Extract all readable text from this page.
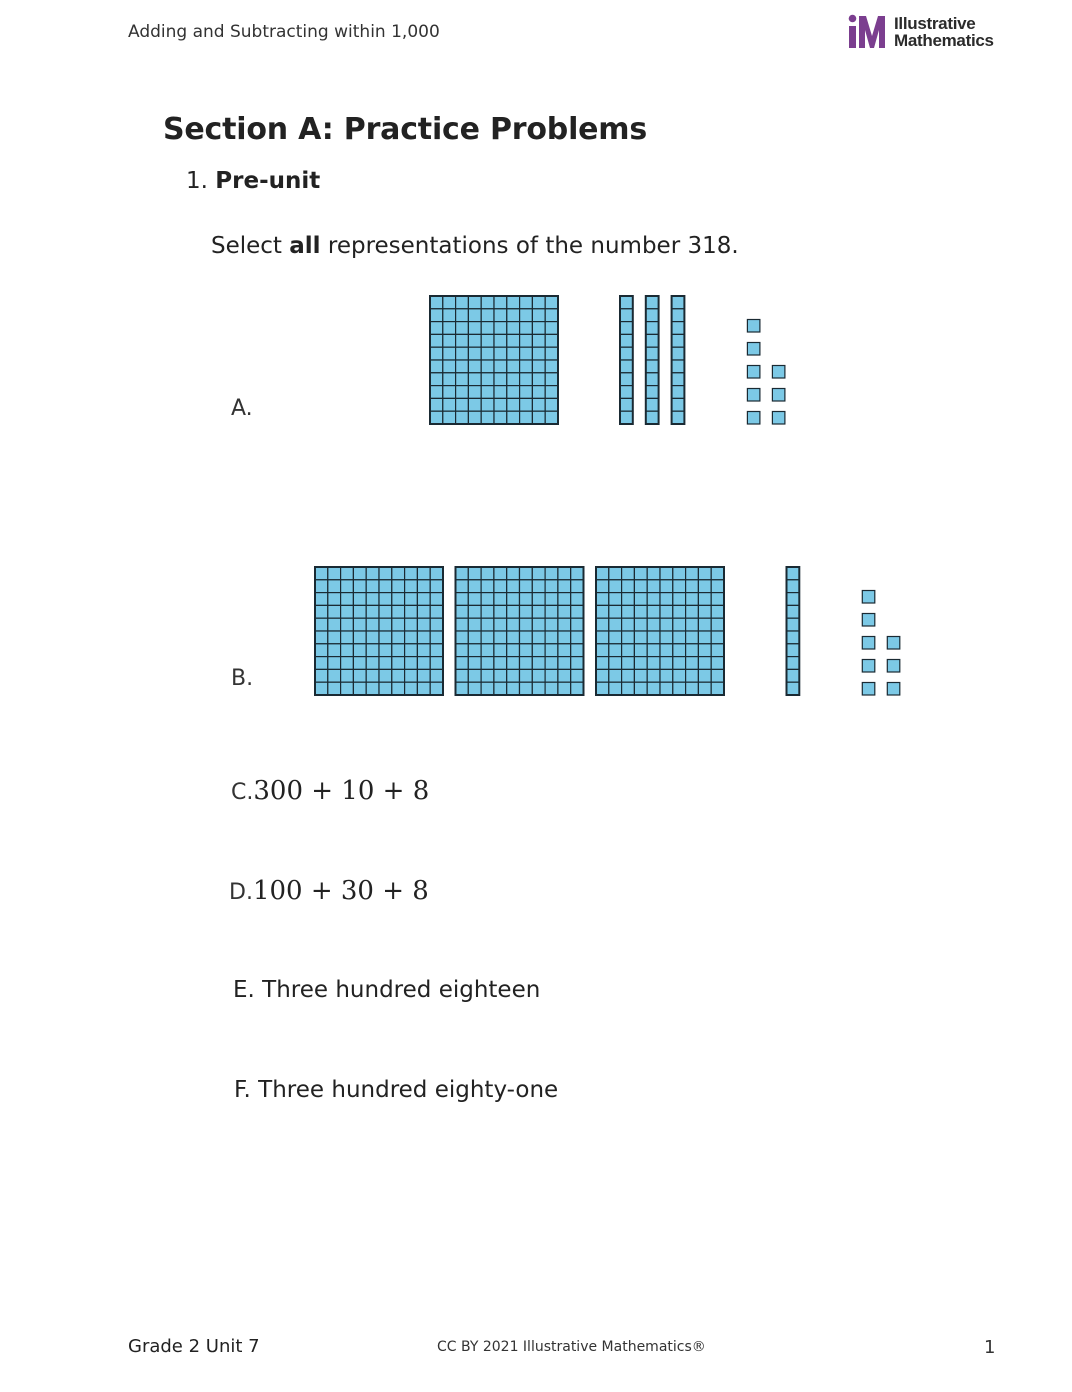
Adding and Subtracting within 1,000	Illustrative
Mathematics
Section A: Practice Problems
1. Pre-unit
Select all representations of the number 318.
A.
B.
C.300 + 10 + 8
D.100 + 30 + 8
E. Three hundred eighteen
F. Three hundred eighty-one
Grade 2 Unit 7	CC BY 2021 Illustrative Mathematics®	1
